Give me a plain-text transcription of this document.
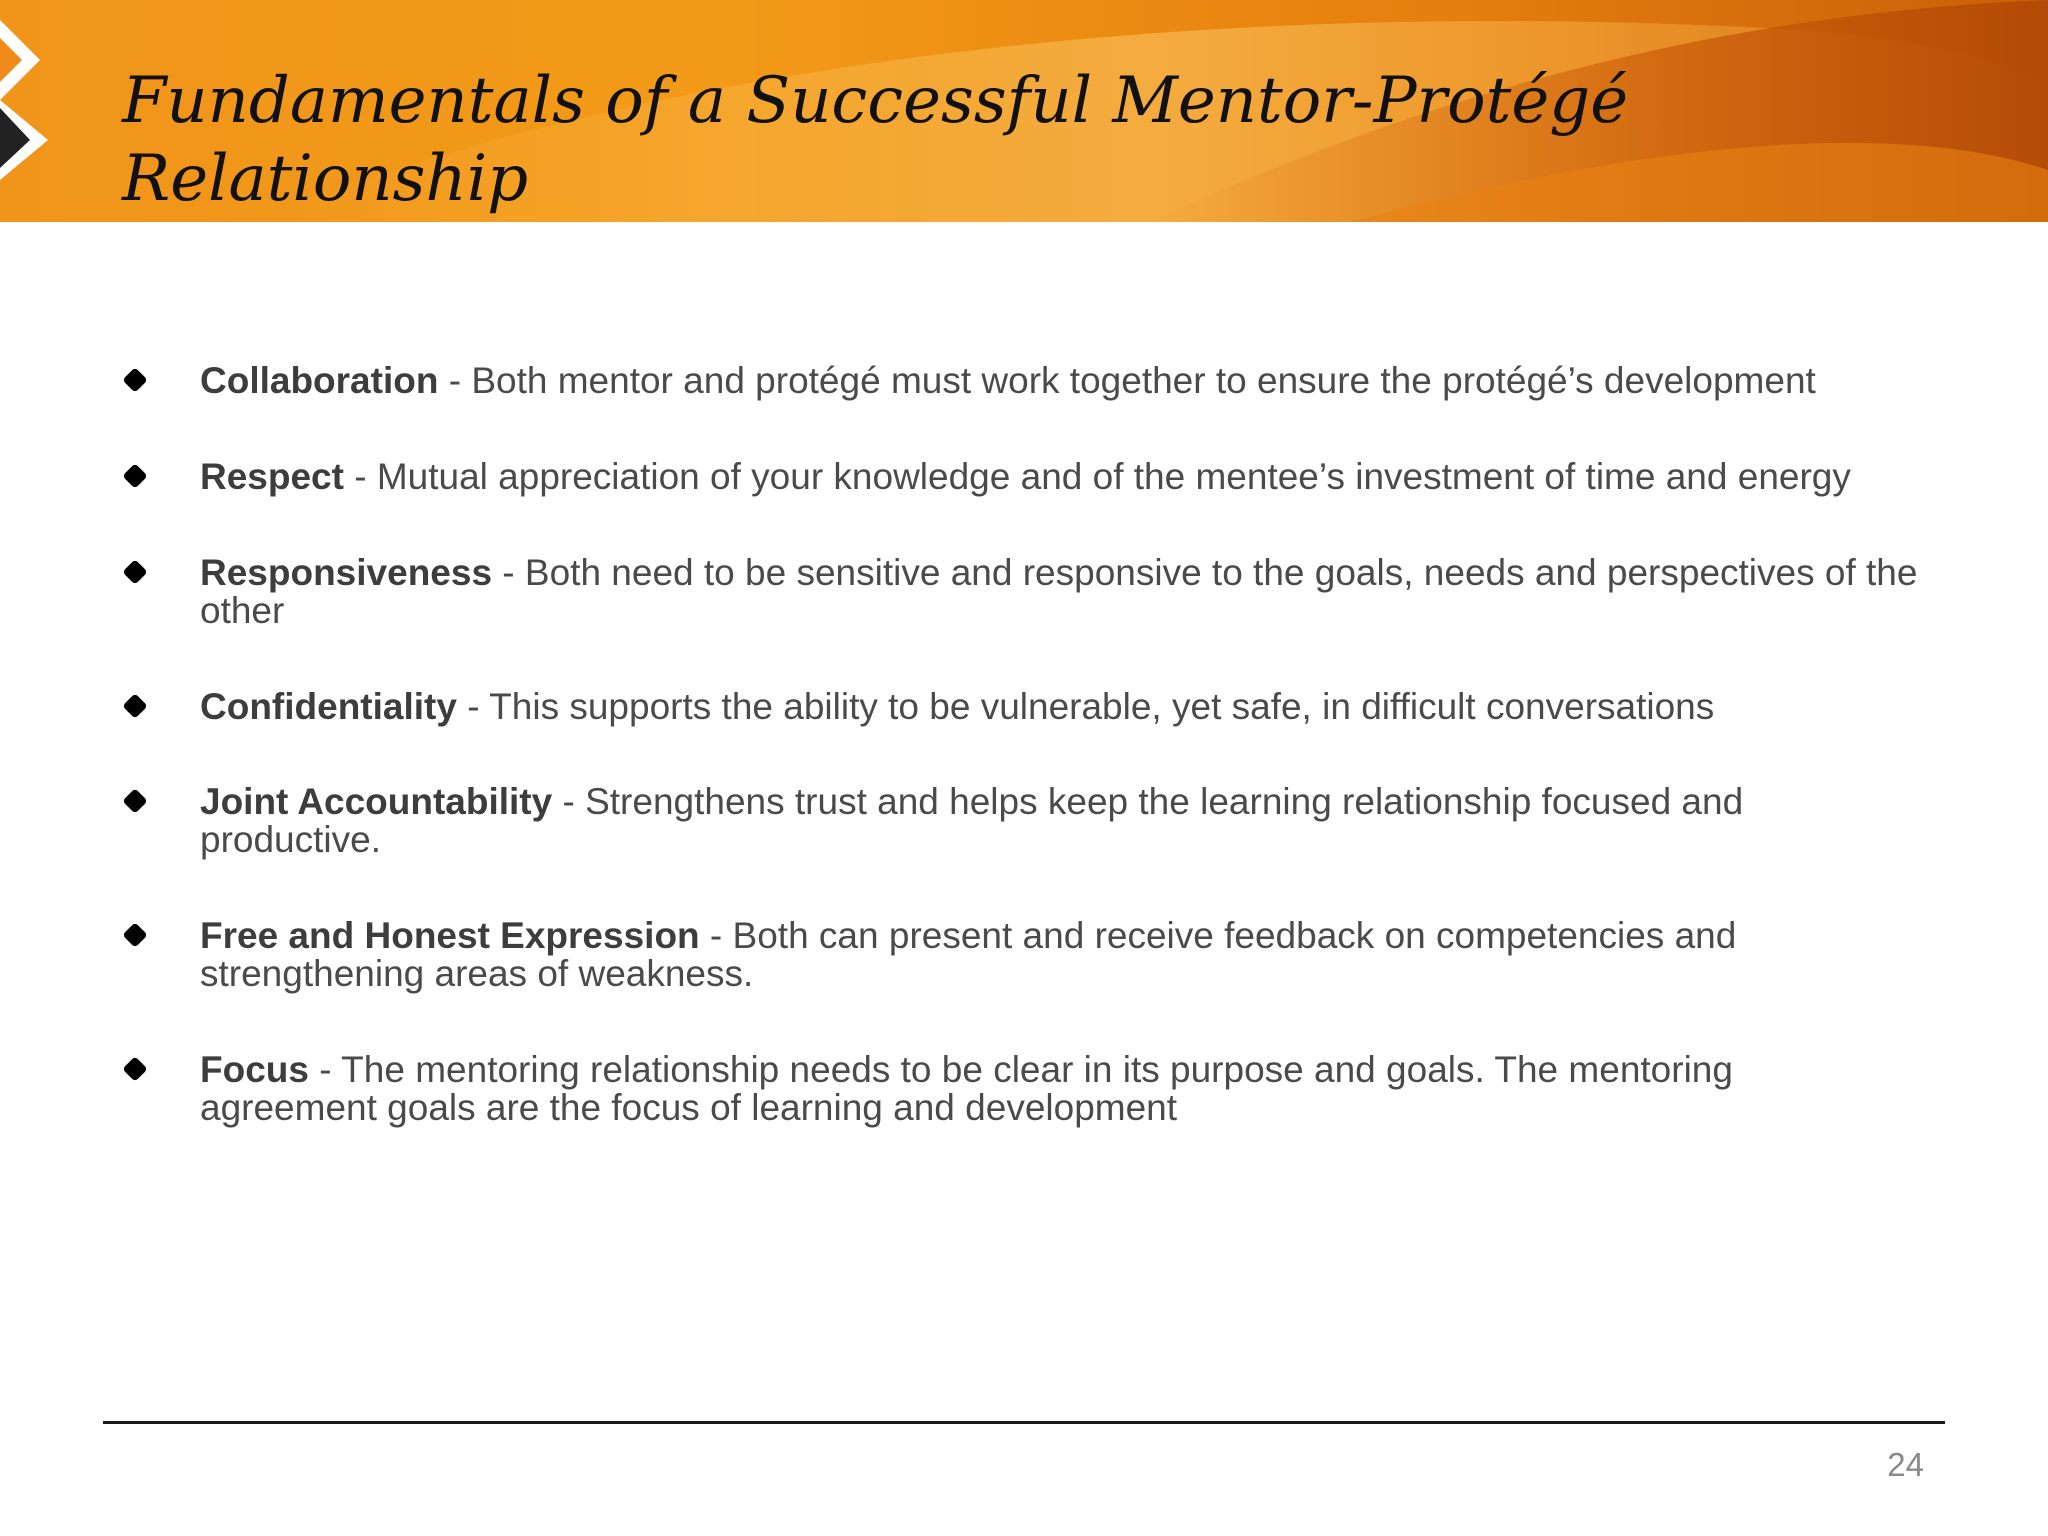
Fundamentals of a Successful Mentor-Protégé
Relationship
Collaboration - Both mentor and protégé must work together to ensure the protégé’s development
Respect - Mutual appreciation of your knowledge and of the mentee’s investment of time and energy
Responsiveness - Both need to be sensitive and responsive to the goals, needs and perspectives of the other
Confidentiality - This supports the ability to be vulnerable, yet safe, in difficult conversations
Joint Accountability - Strengthens trust and helps keep the learning relationship focused and productive.
Free and Honest Expression - Both can present and receive feedback on competencies and strengthening areas of weakness.
Focus - The mentoring relationship needs to be clear in its purpose and goals. The mentoring agreement goals are the focus of learning and development
24
